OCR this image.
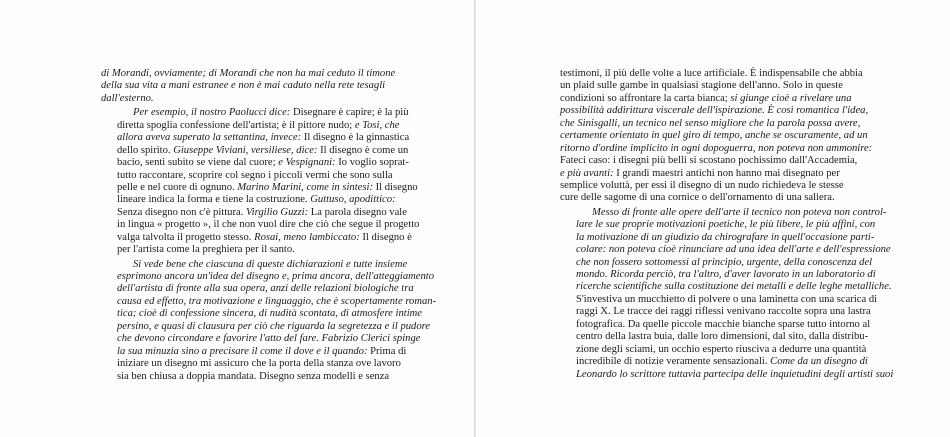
di Morandi, ovviamente; di Morandi che non ha mai ceduto il timone
della sua vita a mani estranee e non è mai caduto nella rete tesagli
dall'esterno.
Per esempio, il nostro Paolucci dice: Disegnare è capire; è la più
diretta spoglia confessione dell'artista; è il pittore nudo; e Tosi, che
allora aveva superato la settantina, invece: Il disegno è la ginnastica
dello spirito. Giuseppe Viviani, versiliese, dice: Il disegno è come un
bacio, senti subito se viene dal cuore; e Vespignani: Io voglio soprat-
tutto raccontare, scoprire col segno i piccoli vermi che sono sulla
pelle e nel cuore di ognuno. Marino Marini, come in sintesi: Il disegno
lineare indica la forma e tiene la costruzione. Guttuso, apoditticо:
Senza disegno non c'è pittura. Virgilio Guzzi: La parola disegno vale
in lingua « progetto », il che non vuol dire che ciò che segue il progetto
valga talvolta il progetto stesso. Rosai, meno lambiccato: Il disegno è
per l'artista come la preghiera per il santo.
Si vede bene che ciascuna di queste dichiarazioni e tutte insieme
esprimono ancora un'idea del disegno e, prima ancora, dell'atteggiamento
dell'artista di fronte alla sua opera, anzi delle relazioni biologiche tra
causa ed effetto, tra motivazione e linguaggio, che è scopertamente roman-
tica; cioè di confessione sincera, di nudità scontata, di atmosfere intime
persino, e quasi di clausura per ciò che riguarda la segretezza e il pudore
che devono circondare e favorire l'atto del fare. Fabrizio Clerici spinge
la sua minuzia sino a precisare il come il dove e il quando: Prima di
iniziare un disegno mi assicuro che la porta della stanza ove lavoro
sia ben chiusa a doppia mandata. Disegno senza modelli e senza
testimoni, il più delle volte a luce artificiale. È indispensabile che abbia
un plaid sulle gambe in qualsiasi stagione dell'anno. Solo in queste
condizioni so affrontare la carta bianca; si giunge cioè a rivelare una
possibilità addirittura viscerale dell'ispirazione. È così romantica l'idea,
che Sinisgalli, un tecnico nel senso migliore che la parola possa avere,
certamente orientato in quel giro di tempo, anche se oscuramente, ad un
ritorno d'ordine implicito in ogni dopoguerra, non poteva non ammonire:
Fateci caso: i disegni più belli si scostano pochissimo dall'Accademia,
e più avanti: I grandi maestri antichi non hanno mai disegnato per
semplice voluttà, per essi il disegno di un nudo richiedeva le stesse
cure delle sagome di una cornice o dell'ornamento di una saliera.
Messo di fronte alle opere dell'arte il tecnico non poteva non control-
lare le sue proprie motivazioni poetiche, le più libere, le più affini, con
la motivazione di un giudizio da chirografare in quell'occasione parti-
colare: non poteva cioè rinunciare ad una idea dell'arte e dell'espressione
che non fossero sottomessi al principio, urgente, della conoscenza del
mondo. Ricorda perciò, tra l'altro, d'aver lavorato in un laboratorio di
ricerche scientifiche sulla costituzione dei metalli e delle leghe metalliche.
S'investiva un mucchietto di polvere o una laminetta con una scarica di
raggi X. Le tracce dei raggi riflessi venivano raccolte sopra una lastra
fotografica. Da quelle piccole macchie bianche sparse tutto intorno al
centro della lastra buia, dalle loro dimensioni, dal sito, dalla distribu-
zione degli sciami, un occhio esperto riusciva a dedurre una quantità
incredibile di notizie veramente sensazionali. Come da un disegno di
Leonardo lo scrittore tuttavia partecipa delle inquietudini degli artisti suoi
